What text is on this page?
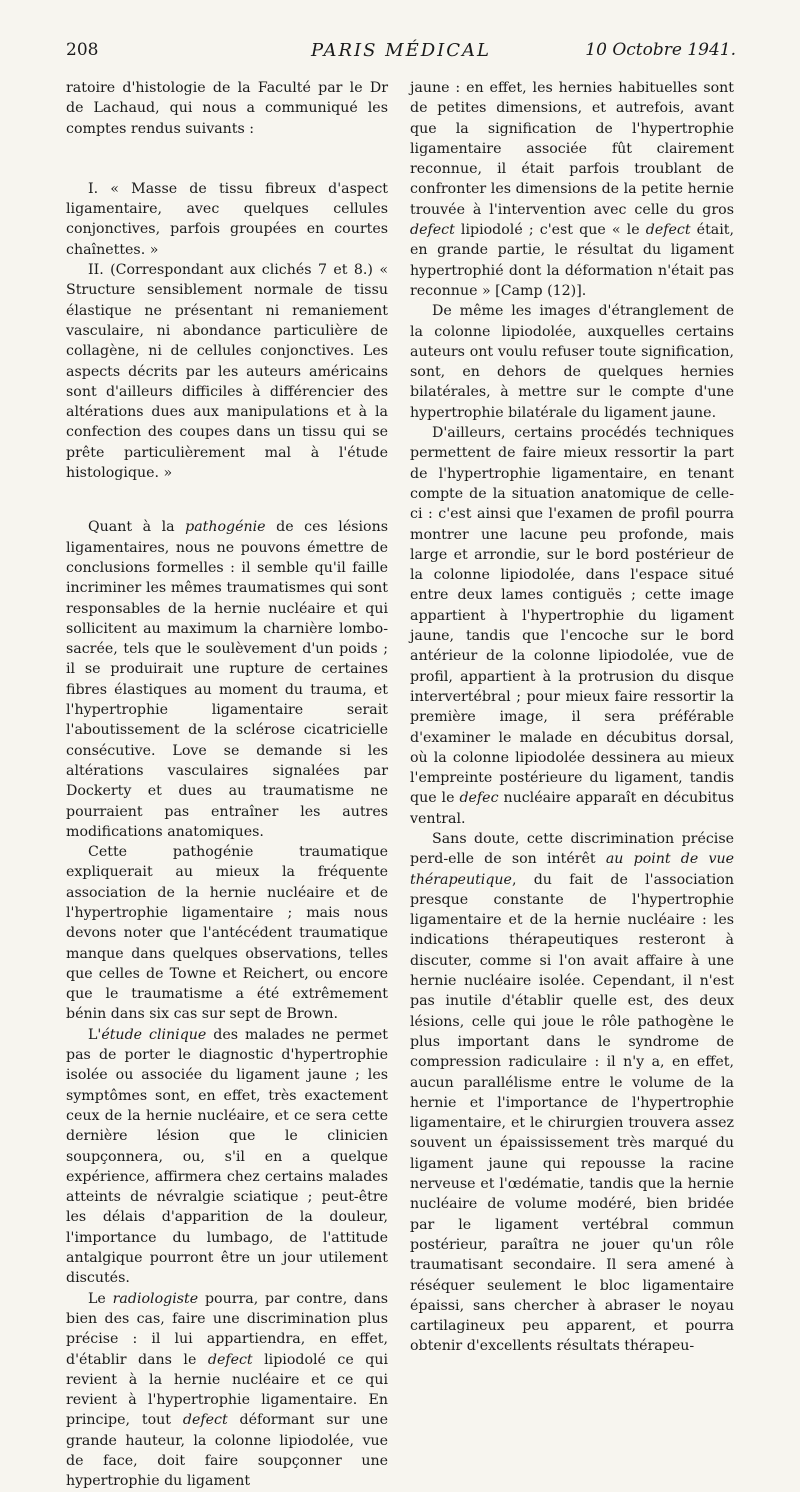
208	PARIS MÉDICAL	10 Octobre 1941.

ratoire d'histologie de la Faculté par le Dr de Lachaud, qui nous a communiqué les comptes rendus suivants :

I. « Masse de tissu fibreux d'aspect ligamentaire, avec quelques cellules conjonctives, parfois groupées en courtes chaînettes. »

II. (Correspondant aux clichés 7 et 8.) « Structure sensiblement normale de tissu élastique ne présentant ni remaniement vasculaire, ni abondance particulière de collagène, ni de cellules conjonctives. Les aspects décrits par les auteurs américains sont d'ailleurs difficiles à différencier des altérations dues aux manipulations et à la confection des coupes dans un tissu qui se prête particulièrement mal à l'étude histologique. »

Quant à la pathogénie de ces lésions ligamentaires, nous ne pouvons émettre de conclusions formelles : il semble qu'il faille incriminer les mêmes traumatismes qui sont responsables de la hernie nucléaire et qui sollicitent au maximum la charnière lombo-sacrée, tels que le soulèvement d'un poids ; il se produirait une rupture de certaines fibres élastiques au moment du trauma, et l'hypertrophie ligamentaire serait l'aboutissement de la sclérose cicatricielle consécutive. Love se demande si les altérations vasculaires signalées par Dockerty et dues au traumatisme ne pourraient pas entraîner les autres modifications anatomiques.

Cette pathogénie traumatique expliquerait au mieux la fréquente association de la hernie nucléaire et de l'hypertrophie ligamentaire ; mais nous devons noter que l'antécédent traumatique manque dans quelques observations, telles que celles de Towne et Reichert, ou encore que le traumatisme a été extrêmement bénin dans six cas sur sept de Brown.

L'étude clinique des malades ne permet pas de porter le diagnostic d'hypertrophie isolée ou associée du ligament jaune ; les symptômes sont, en effet, très exactement ceux de la hernie nucléaire, et ce sera cette dernière lésion que le clinicien soupçonnera, ou, s'il en a quelque expérience, affirmera chez certains malades atteints de névralgie sciatique ; peut-être les délais d'apparition de la douleur, l'importance du lumbago, de l'attitude antalgique pourront être un jour utilement discutés.

Le radiologiste pourra, par contre, dans bien des cas, faire une discrimination plus précise : il lui appartiendra, en effet, d'établir dans le defect lipiodolé ce qui revient à la hernie nucléaire et ce qui revient à l'hypertrophie ligamentaire. En principe, tout defect déformant sur une grande hauteur, la colonne lipiodolée, vue de face, doit faire soupçonner une hypertrophie du ligament

jaune : en effet, les hernies habituelles sont de petites dimensions, et autrefois, avant que la signification de l'hypertrophie ligamentaire associée fût clairement reconnue, il était parfois troublant de confronter les dimensions de la petite hernie trouvée à l'intervention avec celle du gros defect lipiodolé ; c'est que « le defect était, en grande partie, le résultat du ligament hypertrophié dont la déformation n'était pas reconnue » [Camp (12)].

De même les images d'étranglement de la colonne lipiodolée, auxquelles certains auteurs ont voulu refuser toute signification, sont, en dehors de quelques hernies bilatérales, à mettre sur le compte d'une hypertrophie bilatérale du ligament jaune.

D'ailleurs, certains procédés techniques permettent de faire mieux ressortir la part de l'hypertrophie ligamentaire, en tenant compte de la situation anatomique de celle-ci : c'est ainsi que l'examen de profil pourra montrer une lacune peu profonde, mais large et arrondie, sur le bord postérieur de la colonne lipiodolée, dans l'espace situé entre deux lames contiguës ; cette image appartient à l'hypertrophie du ligament jaune, tandis que l'encoche sur le bord antérieur de la colonne lipiodolée, vue de profil, appartient à la protrusion du disque intervertébral ; pour mieux faire ressortir la première image, il sera préférable d'examiner le malade en décubitus dorsal, où la colonne lipiodolée dessinera au mieux l'empreinte postérieure du ligament, tandis que le defec nucléaire apparaît en décubitus ventral.

Sans doute, cette discrimination précise perd-elle de son intérêt au point de vue thérapeutique, du fait de l'association presque constante de l'hypertrophie ligamentaire et de la hernie nucléaire : les indications thérapeutiques resteront à discuter, comme si l'on avait affaire à une hernie nucléaire isolée. Cependant, il n'est pas inutile d'établir quelle est, des deux lésions, celle qui joue le rôle pathogène le plus important dans le syndrome de compression radiculaire : il n'y a, en effet, aucun parallélisme entre le volume de la hernie et l'importance de l'hypertrophie ligamentaire, et le chirurgien trouvera assez souvent un épaississement très marqué du ligament jaune qui repousse la racine nerveuse et l'œdématie, tandis que la hernie nucléaire de volume modéré, bien bridée par le ligament vertébral commun postérieur, paraîtra ne jouer qu'un rôle traumatisant secondaire. Il sera amené à réséquer seulement le bloc ligamentaire épaissi, sans chercher à abraser le noyau cartilagineux peu apparent, et pourra obtenir d'excellents résultats thérapeu-
